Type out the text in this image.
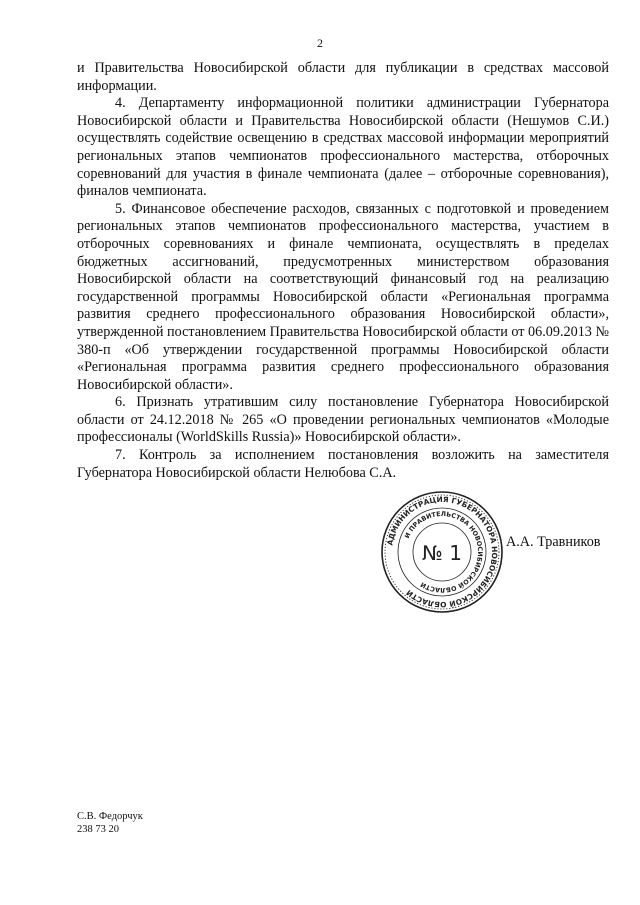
2

и Правительства Новосибирской области для публикации в средствах массовой информации.

4. Департаменту информационной политики администрации Губернатора Новосибирской области и Правительства Новосибирской области (Нешумов С.И.) осуществлять содействие освещению в средствах массовой информации мероприятий региональных этапов чемпионатов профессионального мастерства, отборочных соревнований для участия в финале чемпионата (далее – отборочные соревнования), финалов чемпионата.

5. Финансовое обеспечение расходов, связанных с подготовкой и проведением региональных этапов чемпионатов профессионального мастерства, участием в отборочных соревнованиях и финале чемпионата, осуществлять в пределах бюджетных ассигнований, предусмотренных министерством образования Новосибирской области на соответствующий финансовый год на реализацию государственной программы Новосибирской области «Региональная программа развития среднего профессионального образования Новосибирской области», утвержденной постановлением Правительства Новосибирской области от 06.09.2013 № 380-п «Об утверждении государственной программы Новосибирской области «Региональная программа развития среднего профессионального образования Новосибирской области».

6. Признать утратившим силу постановление Губернатора Новосибирской области от 24.12.2018 № 265 «О проведении региональных чемпионатов «Молодые профессионалы (WorldSkills Russia)» Новосибирской области».

7. Контроль за исполнением постановления возложить на заместителя Губернатора Новосибирской области Нелюбова С.А.

АДМИНИСТРАЦИЯ ГУБЕРНАТОРА НОВОСИБИРСКОЙ ОБЛАСТИ
И ПРАВИТЕЛЬСТВА НОВОСИБИРСКОЙ ОБЛАСТИ
№ 1	А.А. Травников
С.В. Федорчук
238 73 20
